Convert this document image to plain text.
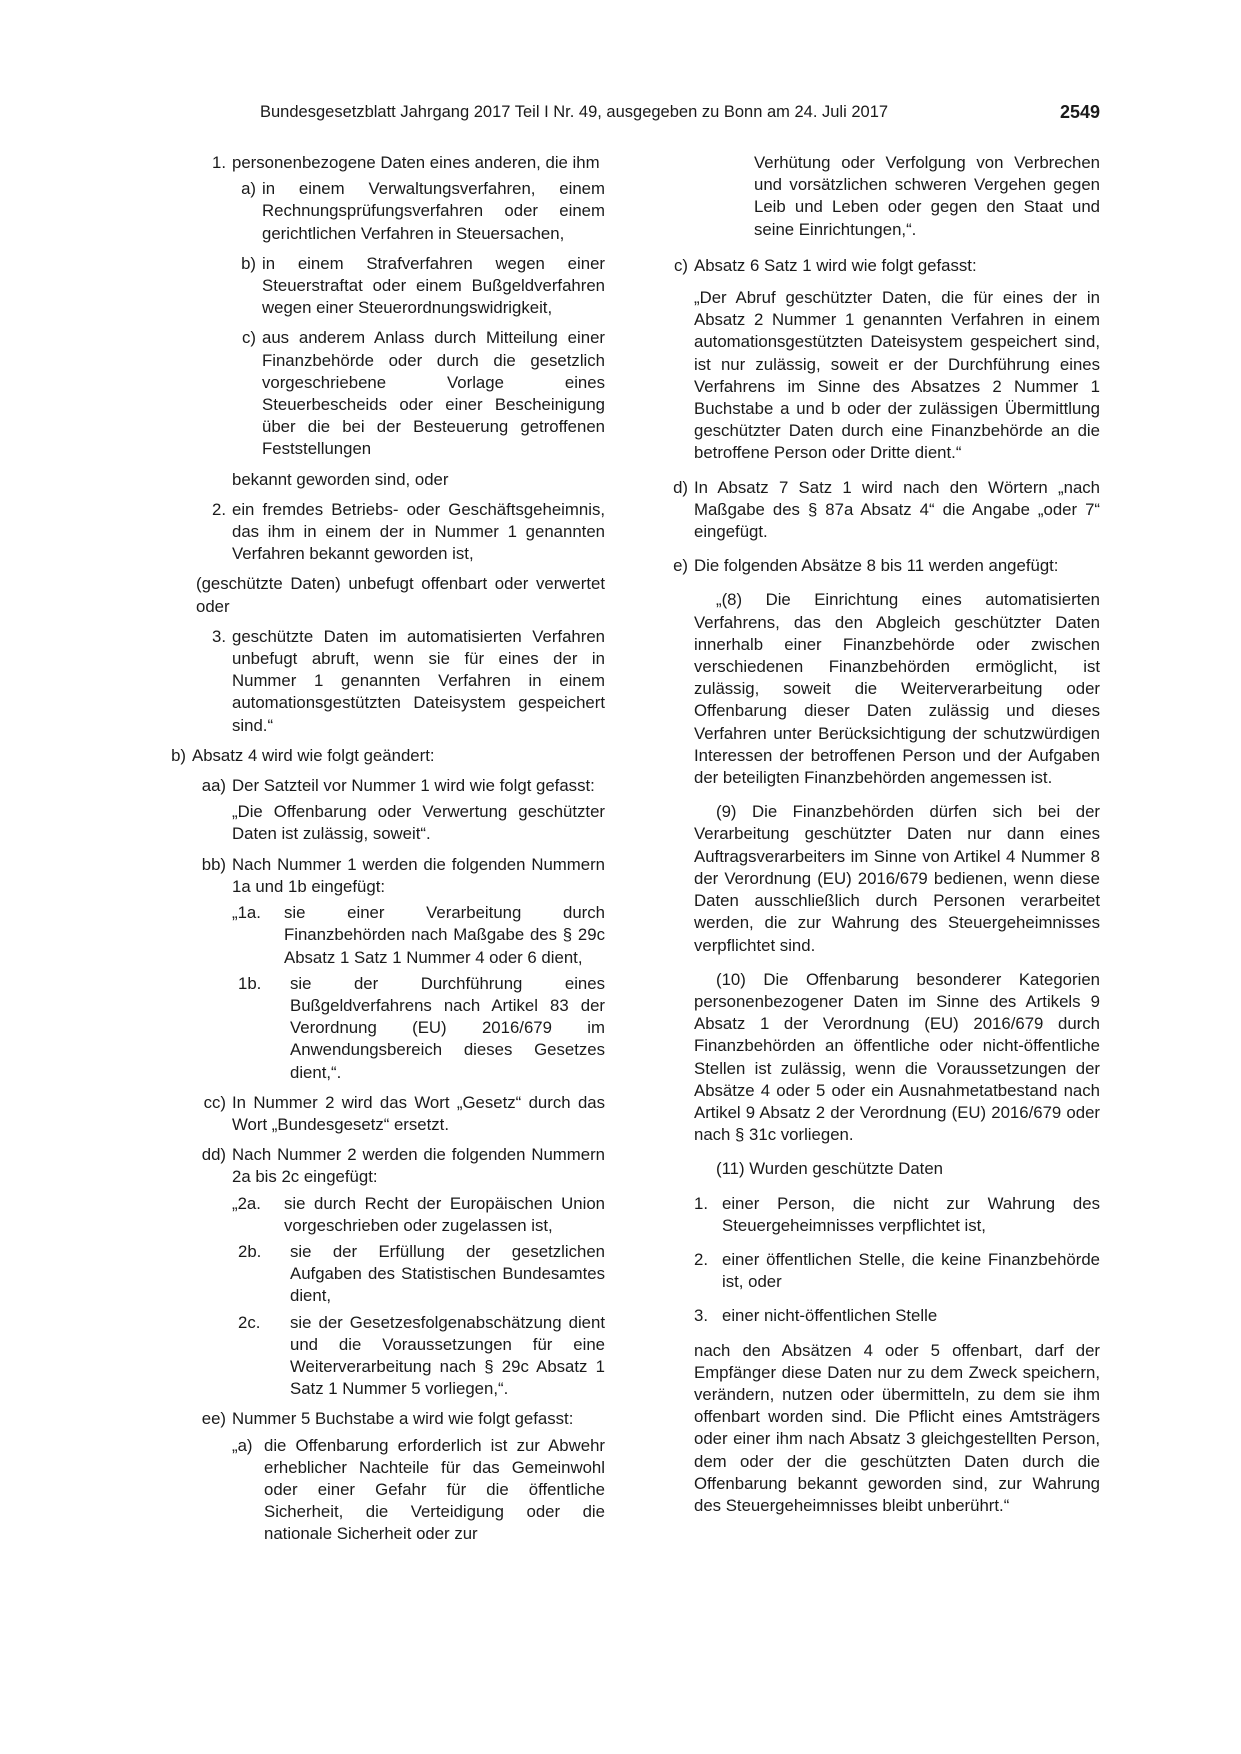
Bundesgesetzblatt Jahrgang 2017 Teil I Nr. 49, ausgegeben zu Bonn am 24. Juli 2017	2549
1. personenbezogene Daten eines anderen, die ihm
a) in einem Verwaltungsverfahren, einem Rechnungsprüfungsverfahren oder einem gerichtlichen Verfahren in Steuersachen,
b) in einem Strafverfahren wegen einer Steuerstraftat oder einem Bußgeldverfahren wegen einer Steuerordnungswidrigkeit,
c) aus anderem Anlass durch Mitteilung einer Finanzbehörde oder durch die gesetzlich vorgeschriebene Vorlage eines Steuerbescheids oder einer Bescheinigung über die bei der Besteuerung getroffenen Feststellungen
bekannt geworden sind, oder
2. ein fremdes Betriebs- oder Geschäftsgeheimnis, das ihm in einem der in Nummer 1 genannten Verfahren bekannt geworden ist,
(geschützte Daten) unbefugt offenbart oder verwertet oder
3. geschützte Daten im automatisierten Verfahren unbefugt abruft, wenn sie für eines der in Nummer 1 genannten Verfahren in einem automationsgestützten Dateisystem gespeichert sind.“
b) Absatz 4 wird wie folgt geändert:
aa) Der Satzteil vor Nummer 1 wird wie folgt gefasst:
„Die Offenbarung oder Verwertung geschützter Daten ist zulässig, soweit“.
bb) Nach Nummer 1 werden die folgenden Nummern 1a und 1b eingefügt:
„1a.	sie einer Verarbeitung durch Finanzbehörden nach Maßgabe des § 29c Absatz 1 Satz 1 Nummer 4 oder 6 dient,
1b.	sie der Durchführung eines Bußgeldverfahrens nach Artikel 83 der Verordnung (EU) 2016/679 im Anwendungsbereich dieses Gesetzes dient,“.
cc) In Nummer 2 wird das Wort „Gesetz“ durch das Wort „Bundesgesetz“ ersetzt.
dd) Nach Nummer 2 werden die folgenden Nummern 2a bis 2c eingefügt:
„2a.	sie durch Recht der Europäischen Union vorgeschrieben oder zugelassen ist,
2b.	sie der Erfüllung der gesetzlichen Aufgaben des Statistischen Bundesamtes dient,
2c.	sie der Gesetzesfolgenabschätzung dient und die Voraussetzungen für eine Weiterverarbeitung nach § 29c Absatz 1 Satz 1 Nummer 5 vorliegen,“.
ee) Nummer 5 Buchstabe a wird wie folgt gefasst:
„a) die Offenbarung erforderlich ist zur Abwehr erheblicher Nachteile für das Gemeinwohl oder einer Gefahr für die öffentliche Sicherheit, die Verteidigung oder die nationale Sicherheit oder zur
Verhütung oder Verfolgung von Verbrechen und vorsätzlichen schweren Vergehen gegen Leib und Leben oder gegen den Staat und seine Einrichtungen,“.
c) Absatz 6 Satz 1 wird wie folgt gefasst:
„Der Abruf geschützter Daten, die für eines der in Absatz 2 Nummer 1 genannten Verfahren in einem automationsgestützten Dateisystem gespeichert sind, ist nur zulässig, soweit er der Durchführung eines Verfahrens im Sinne des Absatzes 2 Nummer 1 Buchstabe a und b oder der zulässigen Übermittlung geschützter Daten durch eine Finanzbehörde an die betroffene Person oder Dritte dient.“
d) In Absatz 7 Satz 1 wird nach den Wörtern „nach Maßgabe des § 87a Absatz 4“ die Angabe „oder 7“ eingefügt.
e) Die folgenden Absätze 8 bis 11 werden angefügt:
„(8) Die Einrichtung eines automatisierten Verfahrens, das den Abgleich geschützter Daten innerhalb einer Finanzbehörde oder zwischen verschiedenen Finanzbehörden ermöglicht, ist zulässig, soweit die Weiterverarbeitung oder Offenbarung dieser Daten zulässig und dieses Verfahren unter Berücksichtigung der schutzwürdigen Interessen der betroffenen Person und der Aufgaben der beteiligten Finanzbehörden angemessen ist.
(9) Die Finanzbehörden dürfen sich bei der Verarbeitung geschützter Daten nur dann eines Auftragsverarbeiters im Sinne von Artikel 4 Nummer 8 der Verordnung (EU) 2016/679 bedienen, wenn diese Daten ausschließlich durch Personen verarbeitet werden, die zur Wahrung des Steuergeheimnisses verpflichtet sind.
(10) Die Offenbarung besonderer Kategorien personenbezogener Daten im Sinne des Artikels 9 Absatz 1 der Verordnung (EU) 2016/679 durch Finanzbehörden an öffentliche oder nicht-öffentliche Stellen ist zulässig, wenn die Voraussetzungen der Absätze 4 oder 5 oder ein Ausnahmetatbestand nach Artikel 9 Absatz 2 der Verordnung (EU) 2016/679 oder nach § 31c vorliegen.
(11) Wurden geschützte Daten
1. einer Person, die nicht zur Wahrung des Steuergeheimnisses verpflichtet ist,
2. einer öffentlichen Stelle, die keine Finanzbehörde ist, oder
3. einer nicht-öffentlichen Stelle
nach den Absätzen 4 oder 5 offenbart, darf der Empfänger diese Daten nur zu dem Zweck speichern, verändern, nutzen oder übermitteln, zu dem sie ihm offenbart worden sind. Die Pflicht eines Amtsträgers oder einer ihm nach Absatz 3 gleichgestellten Person, dem oder der die geschützten Daten durch die Offenbarung bekannt geworden sind, zur Wahrung des Steuergeheimnisses bleibt unberührt.“
